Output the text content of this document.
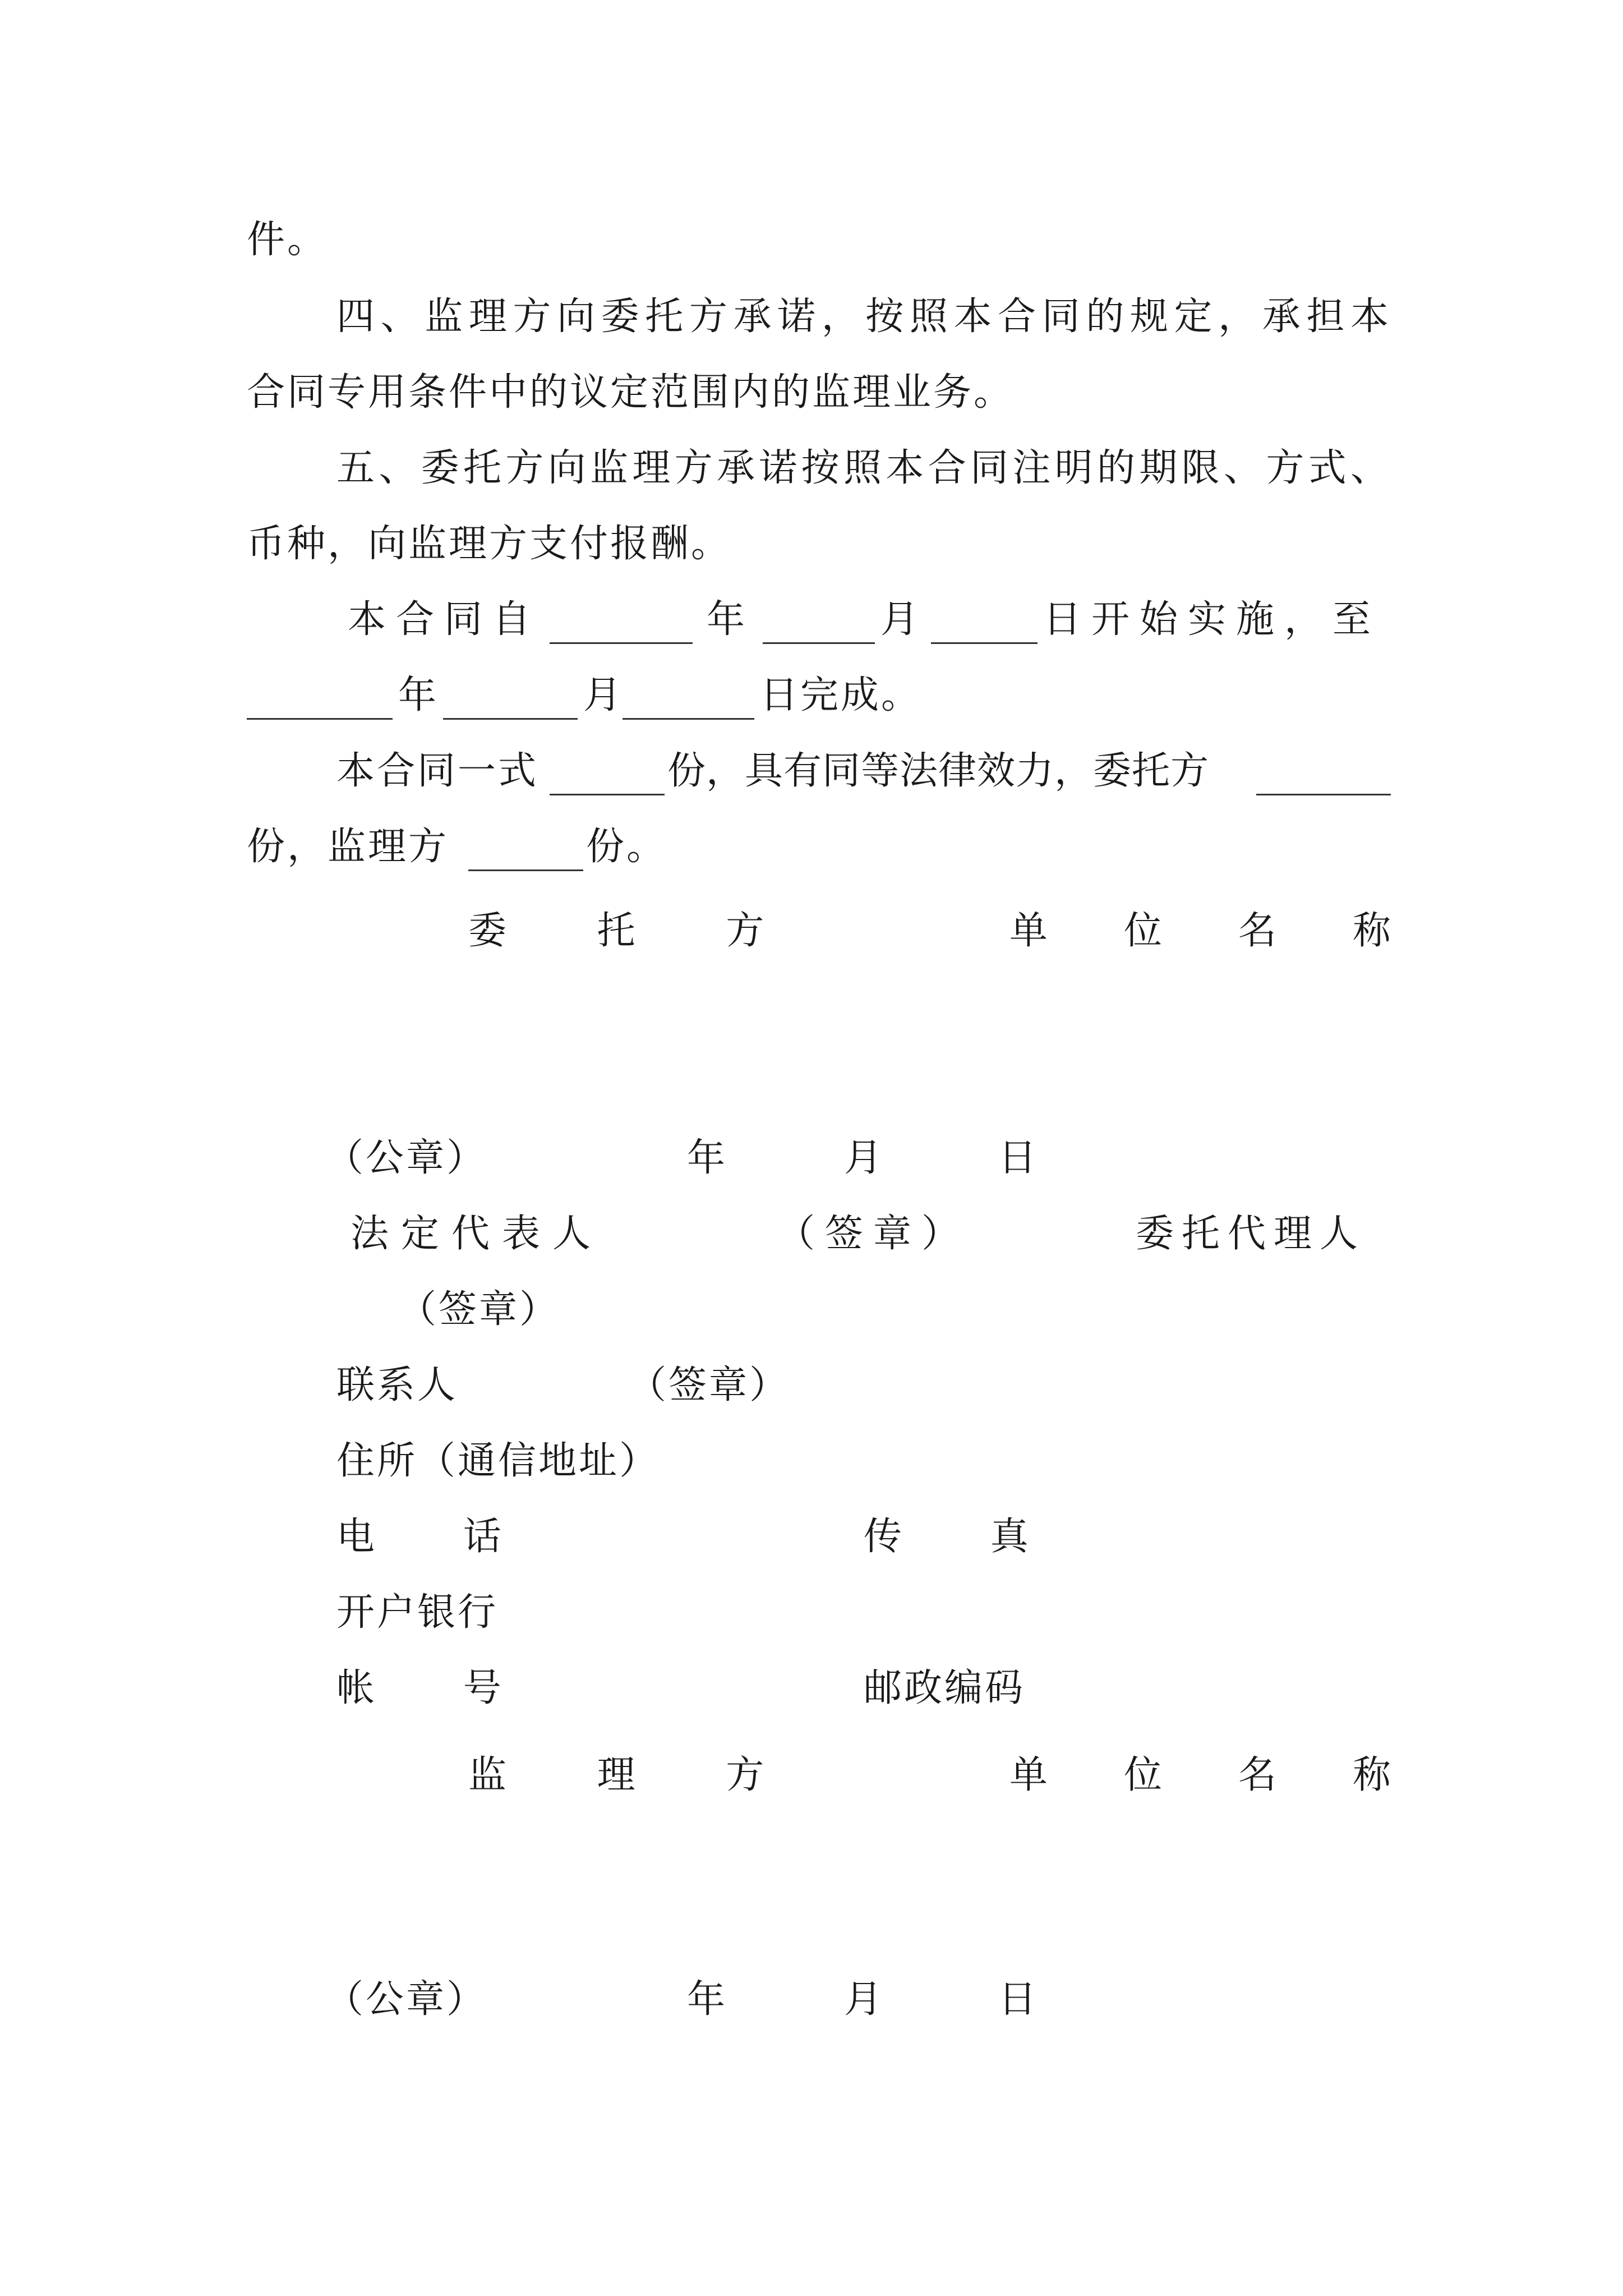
件。
四、监理方向委托方承诺，按照本合同的规定，承担本
合同专用条件中的议定范围内的监理业务。
五、委托方向监理方承诺按照本合同注明的期限、方式、
币种，向监理方支付报酬。
本合同自	年	月	日开始实施，至
年	月	日完成。
本合同一式	份，具有同等法律效力，委托方
份，监理方	份。
委 托 方	单 位 名 称
（公章）	年	月	日
法定代表人	（签章）	委托代理人
（签章）
联系人	（签章）
住所（通信地址）
电      话	传      真
开户银行
帐      号	邮政编码
监 理 方	单 位 名 称
（公章）	年	月	日
